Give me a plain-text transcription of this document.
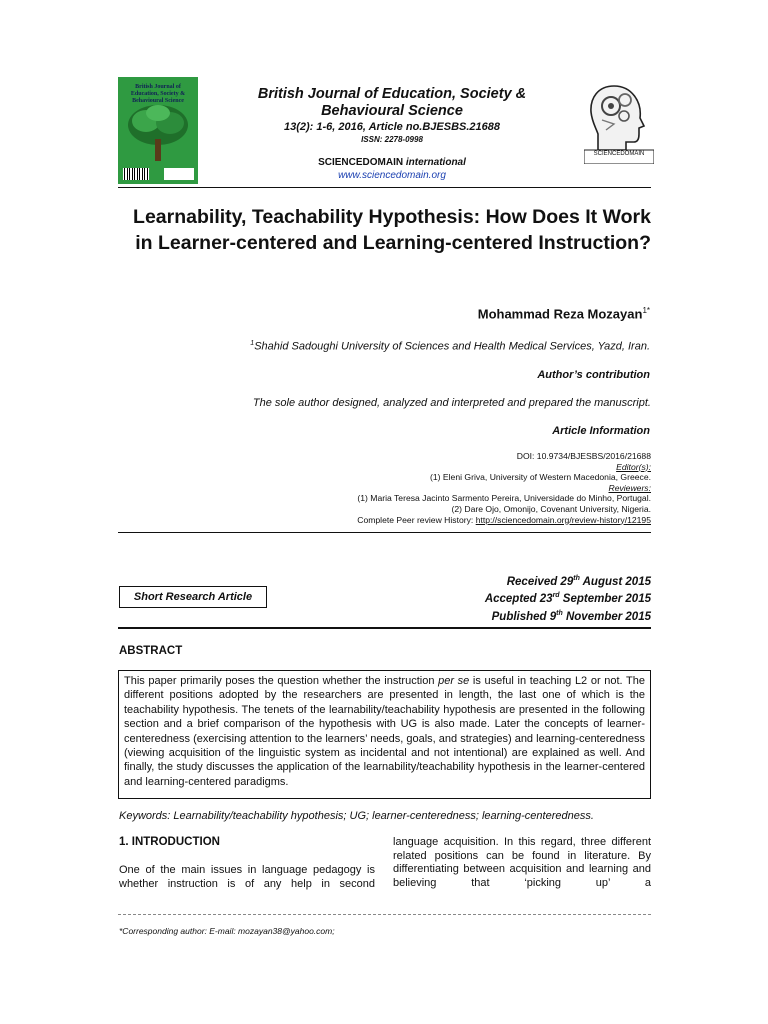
British Journal of Education, Society & Behavioural Science	British Journal of Education, Society & Behavioural Science
13(2): 1-6, 2016, Article no.BJESBS.21688
ISSN: 2278-0998
SCIENCEDOMAIN international
www.sciencedomain.org
SCIENCEDOMAIN
Learnability, Teachability Hypothesis: How Does It Work in Learner-centered and Learning-centered Instruction?
Mohammad Reza Mozayan$^{1*}$
$^1$Shahid Sadoughi University of Sciences and Health Medical Services, Yazd, Iran.
Author’s contribution
The sole author designed, analyzed and interpreted and prepared the manuscript.
Article Information
DOI: 10.9734/BJESBS/2016/21688
Editor(s):
(1) Eleni Griva, University of Western Macedonia, Greece.
Reviewers:
(1) Maria Teresa Jacinto Sarmento Pereira, Universidade do Minho, Portugal.
(2) Dare Ojo, Omonijo, Covenant University, Nigeria.
Complete Peer review History: http://sciencedomain.org/review-history/12195
Short Research Article
Received 29th August 2015
Accepted 23rd September 2015
Published 9th November 2015
ABSTRACT
This paper primarily poses the question whether the instruction per se is useful in teaching L2 or not. The different positions adopted by the researchers are presented in length, the last one of which is the teachability hypothesis. The tenets of the learnability/teachability hypothesis are presented in the following section and a brief comparison of the hypothesis with UG is also made. Later the concepts of learner-centeredness (exercising attention to the learners’ needs, goals, and strategies) and learning-centeredness (viewing acquisition of the linguistic system as incidental and not intentional) are explained as well. And finally, the study discusses the application of the learnability/teachability hypothesis in the learner-centered and learning-centered paradigms.
Keywords: Learnability/teachability hypothesis; UG; learner-centeredness; learning-centeredness.
1. INTRODUCTION
One of the main issues in language pedagogy is whether instruction is of any help in second
language acquisition. In this regard, three different related positions can be found in literature. By differentiating between acquisition and learning and believing that ‘picking up’ a
*Corresponding author: E-mail: mozayan38@yahoo.com;
